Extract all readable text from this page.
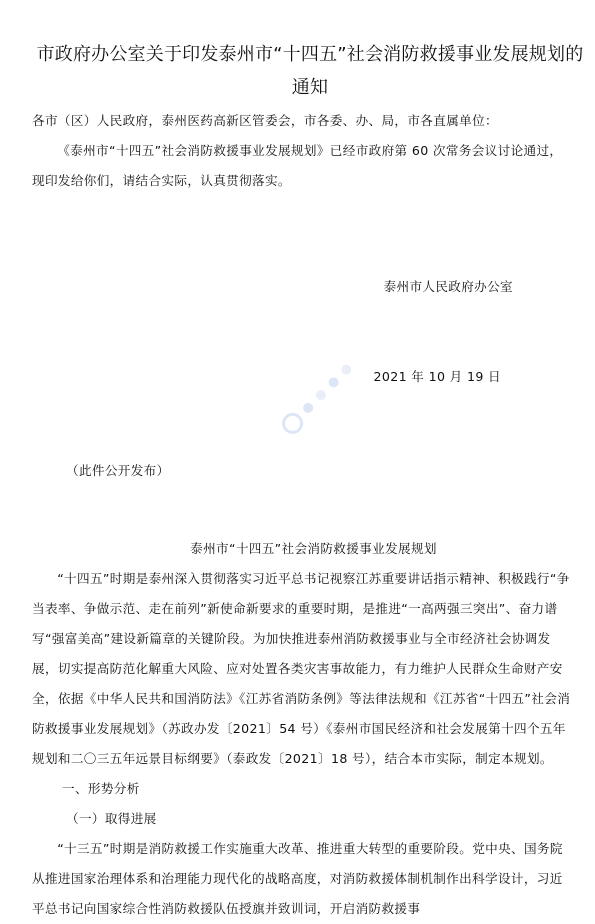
市政府办公室关于印发泰州市“十四五”社会消防救援事业发展规划的通知

各市（区）人民政府，泰州医药高新区管委会，市各委、办、局，市各直属单位：

《泰州市“十四五”社会消防救援事业发展规划》已经市政府第 60 次常务会议讨论通过，现印发给你们，请结合实际，认真贯彻落实。

泰州市人民政府办公室

2021 年 10 月 19 日

（此件公开发布）

泰州市“十四五”社会消防救援事业发展规划

“十四五”时期是泰州深入贯彻落实习近平总书记视察江苏重要讲话指示精神、积极践行“争当表率、争做示范、走在前列”新使命新要求的重要时期，是推进“一高两强三突出”、奋力谱写“强富美高”建设新篇章的关键阶段。为加快推进泰州消防救援事业与全市经济社会协调发展，切实提高防范化解重大风险、应对处置各类灾害事故能力，有力维护人民群众生命财产安全，依据《中华人民共和国消防法》《江苏省消防条例》等法律法规和《江苏省“十四五”社会消防救援事业发展规划》（苏政办发〔2021〕54 号）《泰州市国民经济和社会发展第十四个五年规划和二〇三五年远景目标纲要》（泰政发〔2021〕18 号），结合本市实际，制定本规划。

一、形势分析

（一）取得进展

“十三五”时期是消防救援工作实施重大改革、推进重大转型的重要阶段。党中央、国务院从推进国家治理体系和治理能力现代化的战略高度，对消防救援体制机制作出科学设计，习近平总书记向国家综合性消防救援队伍授旗并致训词，开启消防救援事
